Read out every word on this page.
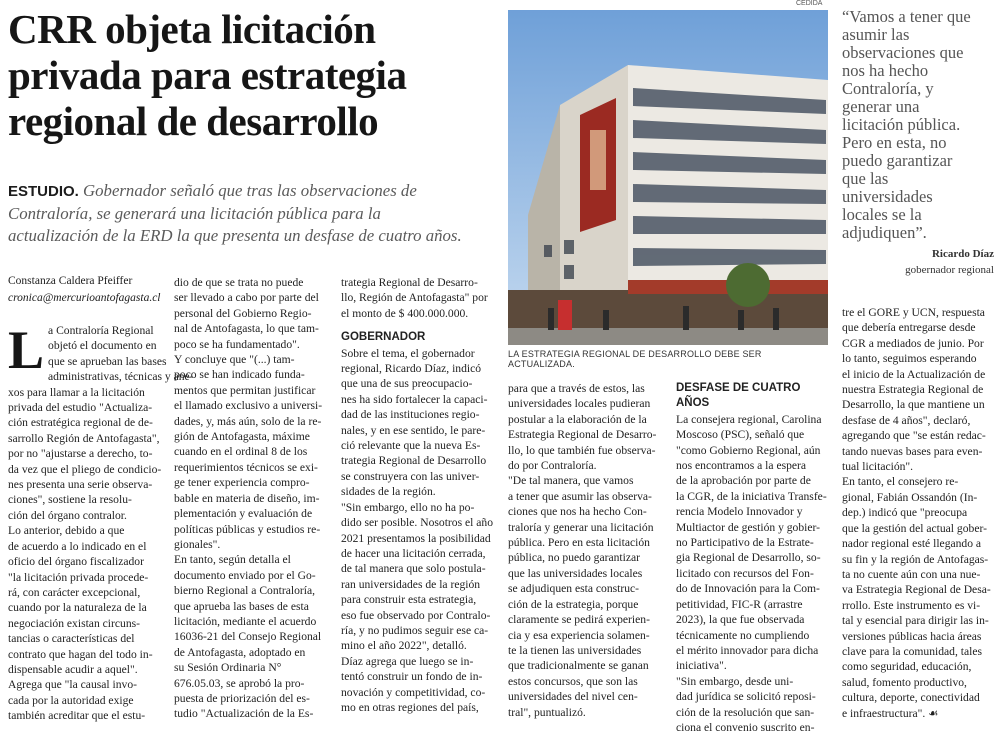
CRR objeta licitación
privada para estrategia
regional de desarrollo
ESTUDIO. Gobernador señaló que tras las observaciones de
Contraloría, se generará una licitación pública para la
actualización de la ERD la que presenta un desfase de cuatro años.
Constanza Caldera Pfeiffer
cronica@mercurioantofagasta.cl
CEDIDA
LA ESTRATEGIA REGIONAL DE DESARROLLO DEBE SER ACTUALIZADA.
“Vamos a tener que
asumir las
observaciones que
nos ha hecho
Contraloría, y
generar una
licitación pública.
Pero en esta, no
puedo garantizar
que las
universidades
locales se la
adjudiquen”.
Ricardo Díaz
gobernador regional
L a Contraloría Regional
objetó el documento en
que se aprueban las bases
administrativas, técnicas y ane-
xos para llamar a la licitación
privada del estudio "Actualiza-
ción estratégica regional de de-
sarrollo Región de Antofagasta",
por no "ajustarse a derecho, to-
da vez que el pliego de condicio-
nes presenta una serie observa-
ciones", sostiene la resolu-
ción del órgano contralor.
Lo anterior, debido a que
de acuerdo a lo indicado en el
oficio del órgano fiscalizador
"la licitación privada procede-
rá, con carácter excepcional,
cuando por la naturaleza de la
negociación existan circuns-
tancias o características del
contrato que hagan del todo in-
dispensable acudir a aquel".
Agrega que "la causal invo-
cada por la autoridad exige
también acreditar que el estu-
dio de que se trata no puede
ser llevado a cabo por parte del
personal del Gobierno Regio-
nal de Antofagasta, lo que tam-
poco se ha fundamentado".
Y concluye que "(...) tam-
poco se han indicado funda-
mentos que permitan justificar
el llamado exclusivo a universi-
dades, y, más aún, solo de la re-
gión de Antofagasta, máxime
cuando en el ordinal 8 de los
requerimientos técnicos se exi-
ge tener experiencia compro-
bable en materia de diseño, im-
plementación y evaluación de
políticas públicas y estudios re-
gionales".
En tanto, según detalla el
documento enviado por el Go-
bierno Regional a Contraloría,
que aprueba las bases de esta
licitación, mediante el acuerdo
16036-21 del Consejo Regional
de Antofagasta, adoptado en
su Sesión Ordinaria N°
676.05.03, se aprobó la pro-
puesta de priorización del es-
tudio "Actualización de la Es-
trategia Regional de Desarro-
llo, Región de Antofagasta" por
el monto de $ 400.000.000.
GOBERNADOR
Sobre el tema, el gobernador
regional, Ricardo Díaz, indicó
que una de sus preocupacio-
nes ha sido fortalecer la capaci-
dad de las instituciones regio-
nales, y en ese sentido, le pare-
ció relevante que la nueva Es-
trategia Regional de Desarrollo
se construyera con las univer-
sidades de la región.
"Sin embargo, ello no ha po-
dido ser posible. Nosotros el año
2021 presentamos la posibilidad
de hacer una licitación cerrada,
de tal manera que solo postula-
ran universidades de la región
para construir esta estrategia,
eso fue observado por Contralo-
ría, y no pudimos seguir ese ca-
mino el año 2022", detalló.
Díaz agrega que luego se in-
tentó construir un fondo de in-
novación y competitividad, co-
mo en otras regiones del país,
para que a través de estos, las
universidades locales pudieran
postular a la elaboración de la
Estrategia Regional de Desarro-
llo, lo que también fue observa-
do por Contraloría.
"De tal manera, que vamos
a tener que asumir las observa-
ciones que nos ha hecho Con-
traloría y generar una licitación
pública. Pero en esta licitación
pública, no puedo garantizar
que las universidades locales
se adjudiquen esta construc-
ción de la estrategia, porque
claramente se pedirá experien-
cia y esa experiencia solamen-
te la tienen las universidades
que tradicionalmente se ganan
estos concursos, que son las
universidades del nivel cen-
tral", puntualizó.
DESFASE DE CUATRO AÑOS
La consejera regional, Carolina
Moscoso (PSC), señaló que
"como Gobierno Regional, aún
nos encontramos a la espera
de la aprobación por parte de
la CGR, de la iniciativa Transfe-
rencia Modelo Innovador y
Multiactor de gestión y gobier-
no Participativo de la Estrate-
gia Regional de Desarrollo, so-
licitado con recursos del Fon-
do de Innovación para la Com-
petitividad, FIC-R (arrastre
2023), la que fue observada
técnicamente no cumpliendo
el mérito innovador para dicha
iniciativa".
"Sin embargo, desde uni-
dad jurídica se solicitó reposi-
ción de la resolución que san-
ciona el convenio suscrito en-
tre el GORE y UCN, respuesta
que debería entregarse desde
CGR a mediados de junio. Por
lo tanto, seguimos esperando
el inicio de la Actualización de
nuestra Estrategia Regional de
Desarrollo, la que mantiene un
desfase de 4 años", declaró,
agregando que "se están redac-
tando nuevas bases para even-
tual licitación".
En tanto, el consejero re-
gional, Fabián Ossandón (In-
dep.) indicó que "preocupa
que la gestión del actual gober-
nador regional esté llegando a
su fin y la región de Antofagas-
ta no cuente aún con una nue-
va Estrategia Regional de Desa-
rrollo. Este instrumento es vi-
tal y esencial para dirigir las in-
versiones públicas hacia áreas
clave para la comunidad, tales
como seguridad, educación,
salud, fomento productivo,
cultura, deporte, conectividad
e infraestructura". ☙
